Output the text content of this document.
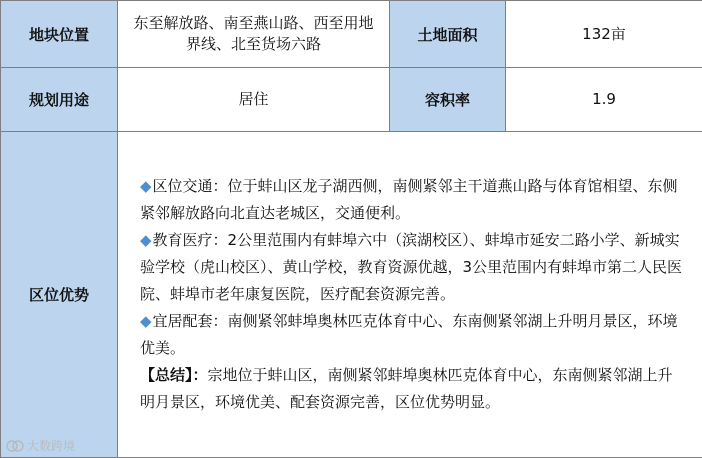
地块位置	东至解放路、南至燕山路、西至用地界线、北至货场六路	土地面积	132亩
规划用途	居住	容积率	1.9
区位优势	◆区位交通：位于蚌山区龙子湖西侧，南侧紧邻主干道燕山路与体育馆相望、东侧紧邻解放路向北直达老城区，交通便利。

◆教育医疗：2公里范围内有蚌埠六中（滨湖校区）、蚌埠市延安二路小学、新城实验学校（虎山校区）、黄山学校，教育资源优越，3公里范围内有蚌埠市第二人民医院、蚌埠市老年康复医院，医疗配套资源完善。

◆宜居配套：南侧紧邻蚌埠奥林匹克体育中心、东南侧紧邻湖上升明月景区，环境优美。

【总结】：宗地位于蚌山区，南侧紧邻蚌埠奥林匹克体育中心，东南侧紧邻湖上升明月景区，环境优美、配套资源完善，区位优势明显。		

大数跨境
